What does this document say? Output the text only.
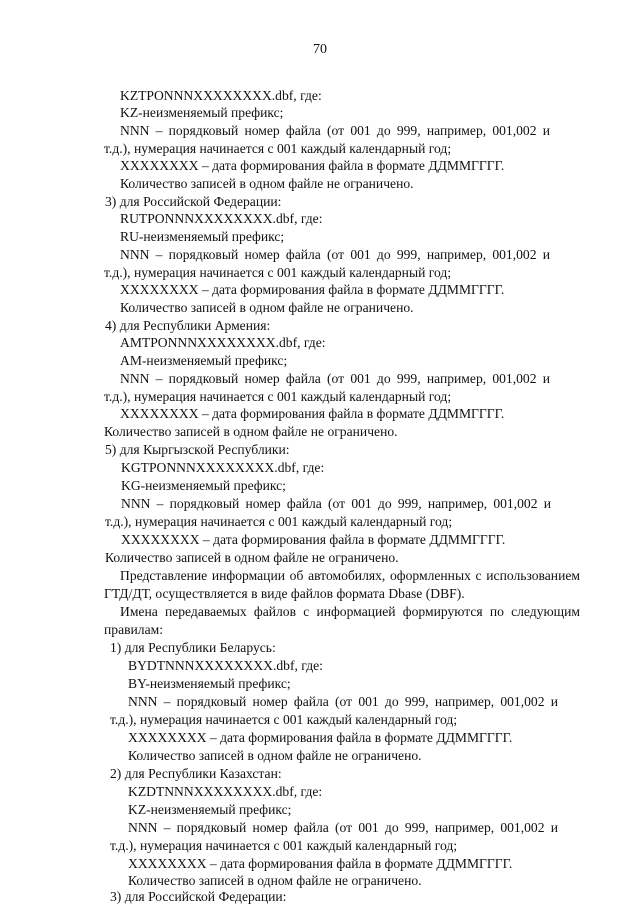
70
KZTPONNNXXXXXXXX.dbf, где:
KZ-неизменяемый префикс;
NNN – порядковый номер файла (от 001 до 999, например, 001,002 и
т.д.), нумерация начинается с 001 каждый календарный год;
XXXXXXXX – дата формирования файла в формате ДДММГГГГ.
Количество записей в одном файле не ограничено.
3) для Российской Федерации:
RUTPONNNXXXXXXXX.dbf, где:
RU-неизменяемый префикс;
NNN – порядковый номер файла (от 001 до 999, например, 001,002 и
т.д.), нумерация начинается с 001 каждый календарный год;
XXXXXXXX – дата формирования файла в формате ДДММГГГГ.
Количество записей в одном файле не ограничено.
4) для Республики Армения:
AMTPONNNXXXXXXXX.dbf, где:
AM-неизменяемый префикс;
NNN – порядковый номер файла (от 001 до 999, например, 001,002 и
т.д.), нумерация начинается с 001 каждый календарный год;
XXXXXXXX – дата формирования файла в формате ДДММГГГГ.
Количество записей в одном файле не ограничено.
5) для Кыргызской Республики:
KGTPONNNXXXXXXXX.dbf, где:
KG-неизменяемый префикс;
NNN – порядковый номер файла (от 001 до 999, например, 001,002 и
т.д.), нумерация начинается с 001 каждый календарный год;
XXXXXXXX – дата формирования файла в формате ДДММГГГГ.
Количество записей в одном файле не ограничено.
Представление информации об автомобилях, оформленных с использованием
ГТД/ДТ, осуществляется в виде файлов формата Dbase (DBF).
Имена передаваемых файлов с информацией формируются по следующим
правилам:
1) для Республики Беларусь:
BYDTNNNXXXXXXXX.dbf, где:
BY-неизменяемый префикс;
NNN – порядковый номер файла (от 001 до 999, например, 001,002 и
т.д.), нумерация начинается с 001 каждый календарный год;
XXXXXXXX – дата формирования файла в формате ДДММГГГГ.
Количество записей в одном файле не ограничено.
2) для Республики Казахстан:
KZDTNNNXXXXXXXX.dbf, где:
KZ-неизменяемый префикс;
NNN – порядковый номер файла (от 001 до 999, например, 001,002 и
т.д.), нумерация начинается с 001 каждый календарный год;
XXXXXXXX – дата формирования файла в формате ДДММГГГГ.
Количество записей в одном файле не ограничено.
3) для Российской Федерации:
